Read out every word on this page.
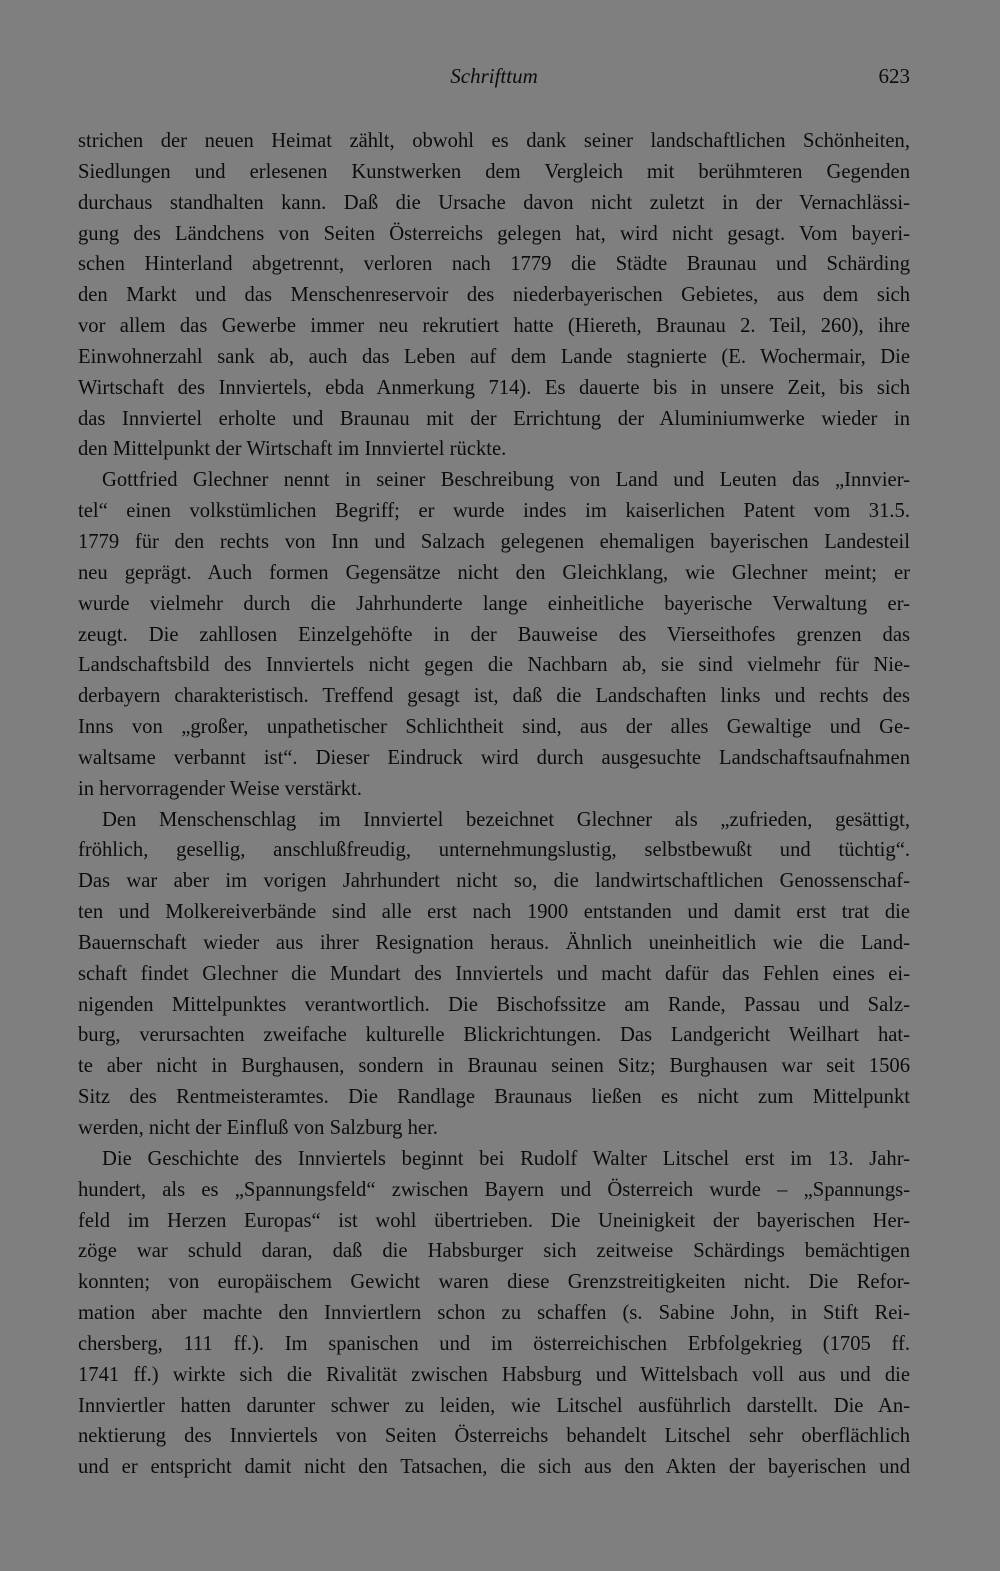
Schrifttum	623
strichen der neuen Heimat zählt, obwohl es dank seiner landschaftlichen Schönheiten,
Siedlungen und erlesenen Kunstwerken dem Vergleich mit berühmteren Gegenden
durchaus standhalten kann. Daß die Ursache davon nicht zuletzt in der Vernachlässi-
gung des Ländchens von Seiten Österreichs gelegen hat, wird nicht gesagt. Vom bayeri-
schen Hinterland abgetrennt, verloren nach 1779 die Städte Braunau und Schärding
den Markt und das Menschenreservoir des niederbayerischen Gebietes, aus dem sich
vor allem das Gewerbe immer neu rekrutiert hatte (Hiereth, Braunau 2. Teil, 260), ihre
Einwohnerzahl sank ab, auch das Leben auf dem Lande stagnierte (E. Wochermair, Die
Wirtschaft des Innviertels, ebda Anmerkung 714). Es dauerte bis in unsere Zeit, bis sich
das Innviertel erholte und Braunau mit der Errichtung der Aluminiumwerke wieder in
den Mittelpunkt der Wirtschaft im Innviertel rückte.
Gottfried Glechner nennt in seiner Beschreibung von Land und Leuten das „Innvier-
tel“ einen volkstümlichen Begriff; er wurde indes im kaiserlichen Patent vom 31.5.
1779 für den rechts von Inn und Salzach gelegenen ehemaligen bayerischen Landesteil
neu geprägt. Auch formen Gegensätze nicht den Gleichklang, wie Glechner meint; er
wurde vielmehr durch die Jahrhunderte lange einheitliche bayerische Verwaltung er-
zeugt. Die zahllosen Einzelgehöfte in der Bauweise des Vierseithofes grenzen das
Landschaftsbild des Innviertels nicht gegen die Nachbarn ab, sie sind vielmehr für Nie-
derbayern charakteristisch. Treffend gesagt ist, daß die Landschaften links und rechts des
Inns von „großer, unpathetischer Schlichtheit sind, aus der alles Gewaltige und Ge-
waltsame verbannt ist“. Dieser Eindruck wird durch ausgesuchte Landschaftsaufnahmen
in hervorragender Weise verstärkt.
Den Menschenschlag im Innviertel bezeichnet Glechner als „zufrieden, gesättigt,
fröhlich, gesellig, anschlußfreudig, unternehmungslustig, selbstbewußt und tüchtig“.
Das war aber im vorigen Jahrhundert nicht so, die landwirtschaftlichen Genossenschaf-
ten und Molkereiverbände sind alle erst nach 1900 entstanden und damit erst trat die
Bauernschaft wieder aus ihrer Resignation heraus. Ähnlich uneinheitlich wie die Land-
schaft findet Glechner die Mundart des Innviertels und macht dafür das Fehlen eines ei-
nigenden Mittelpunktes verantwortlich. Die Bischofssitze am Rande, Passau und Salz-
burg, verursachten zweifache kulturelle Blickrichtungen. Das Landgericht Weilhart hat-
te aber nicht in Burghausen, sondern in Braunau seinen Sitz; Burghausen war seit 1506
Sitz des Rentmeisteramtes. Die Randlage Braunaus ließen es nicht zum Mittelpunkt
werden, nicht der Einfluß von Salzburg her.
Die Geschichte des Innviertels beginnt bei Rudolf Walter Litschel erst im 13. Jahr-
hundert, als es „Spannungsfeld“ zwischen Bayern und Österreich wurde – „Spannungs-
feld im Herzen Europas“ ist wohl übertrieben. Die Uneinigkeit der bayerischen Her-
zöge war schuld daran, daß die Habsburger sich zeitweise Schärdings bemächtigen
konnten; von europäischem Gewicht waren diese Grenzstreitigkeiten nicht. Die Refor-
mation aber machte den Innviertlern schon zu schaffen (s. Sabine John, in Stift Rei-
chersberg, 111 ff.). Im spanischen und im österreichischen Erbfolgekrieg (1705 ff.
1741 ff.) wirkte sich die Rivalität zwischen Habsburg und Wittelsbach voll aus und die
Innviertler hatten darunter schwer zu leiden, wie Litschel ausführlich darstellt. Die An-
nektierung des Innviertels von Seiten Österreichs behandelt Litschel sehr oberflächlich
und er entspricht damit nicht den Tatsachen, die sich aus den Akten der bayerischen und
